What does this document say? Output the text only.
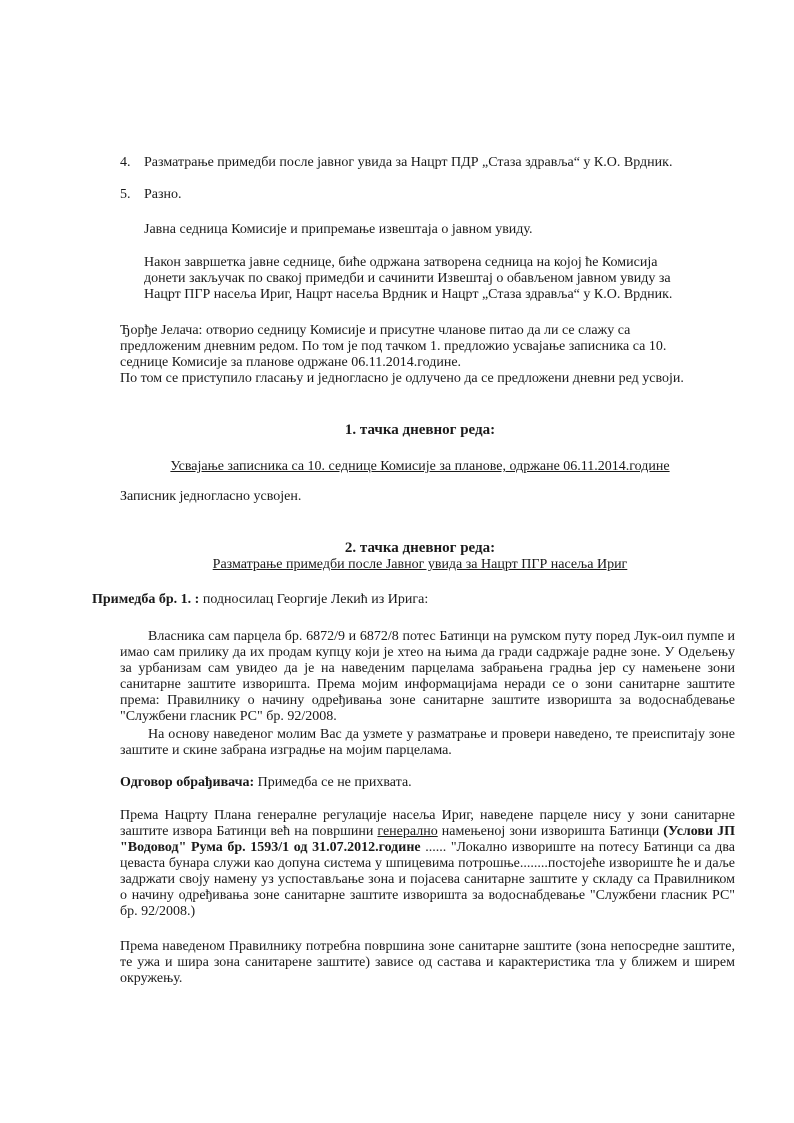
4. Разматрање примедби после јавног увида за Нацрт ПДР „Стаза здравља“ у К.О. Врдник.

5. Разно.

Јавна седница Комисије и припремање извештаја о јавном увиду.

Након завршетка јавне седнице, биће одржана затворена седница на којој ће Комисија
донети закључак по свакој примедби и сачинити Извештај о обављеном јавном увиду за
Нацрт ПГР насеља Ириг, Нацрт насеља Врдник и Нацрт „Стаза здравља“ у К.О. Врдник.

Ђорђе Јелача: отворио седницу Комисије и присутне чланове питао да ли се слажу са
предложеним дневним редом. По том је под тачком 1. предложио усвајање записника са 10.
седнице Комисије за планове одржане 06.11.2014.године.
По том се приступило гласању и једногласно је одлучено да се предложени дневни ред усвоји.

1. тачка дневног реда:

Усвајање записника са 10. седнице Комисије за планове, одржане 06.11.2014.године

Записник једногласно усвојен.

2. тачка дневног реда:

Разматрање примедби после Јавног увида за Нацрт ПГР насеља Ириг

Примедба бр. 1. : подносилац Георгије Лекић из Ирига:

Власника сам парцела бр. 6872/9 и 6872/8 потес Батинци на румском путу поред Лук-оил пумпе и имао сам прилику да их продам купцу који је хтео на њима да гради садржаје радне зоне. У Одељењу за урбанизам сам увидео да је на наведеним парцелама забрањена градња јер су намењене зони санитарне заштите изворишта. Према мојим информацијама неради се о зони санитарне заштите према: Правилнику о начину одређивања зоне санитарне заштите изворишта за водоснабдевање "Службени гласник РС" бр. 92/2008.

На основу наведеног молим Вас да узмете у разматрање и провери наведено, те преиспитају зоне заштите и скине забрана изградње на мојим парцелама.

Одговор обрађивача: Примедба се не прихвата.

Према Нацрту Плана генералне регулације насеља Ириг, наведене парцеле нису у зони санитарне заштите извора Батинци већ на површини генерално намењеној зони изворишта Батинци (Услови ЈП "Водовод" Рума бр. 1593/1 од 31.07.2012.године ...... "Локално извориште на потесу Батинци са два цеваста бунара служи као допуна система у шпицевима потрошње........постојеће извориште ће и даље задржати своју намену уз успостављање зона и појасева санитарне заштите у складу са Правилником о начину одређивања зоне санитарне заштите изворишта за водоснабдевање "Службени гласник РС" бр. 92/2008.)

Према наведеном Правилнику потребна површина зоне санитарне заштите (зона непосредне заштите, те ужа и шира зона санитарене заштите) зависе од састава и карактеристика тла у ближем и ширем окружењу.
